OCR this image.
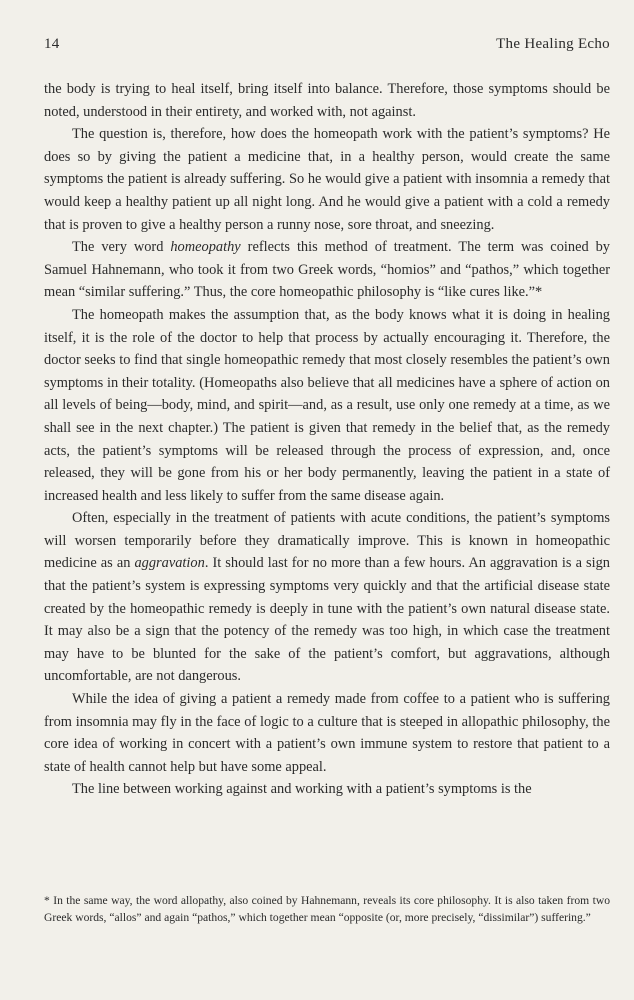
14	The Healing Echo

the body is trying to heal itself, bring itself into balance. Therefore, those symptoms should be noted, understood in their entirety, and worked with, not against.

The question is, therefore, how does the homeopath work with the patient’s symptoms? He does so by giving the patient a medicine that, in a healthy person, would create the same symptoms the patient is already suffering. So he would give a patient with insomnia a remedy that would keep a healthy patient up all night long. And he would give a patient with a cold a remedy that is proven to give a healthy person a runny nose, sore throat, and sneezing.

The very word homeopathy reflects this method of treatment. The term was coined by Samuel Hahnemann, who took it from two Greek words, “homios” and “pathos,” which together mean “similar suffering.” Thus, the core homeopathic philosophy is “like cures like.”*

The homeopath makes the assumption that, as the body knows what it is doing in healing itself, it is the role of the doctor to help that process by actually encouraging it. Therefore, the doctor seeks to find that single homeopathic remedy that most closely resembles the patient’s own symptoms in their totality. (Homeopaths also believe that all medicines have a sphere of action on all levels of being—body, mind, and spirit—and, as a result, use only one remedy at a time, as we shall see in the next chapter.) The patient is given that remedy in the belief that, as the remedy acts, the patient’s symptoms will be released through the process of expression, and, once released, they will be gone from his or her body permanently, leaving the patient in a state of increased health and less likely to suffer from the same disease again.

Often, especially in the treatment of patients with acute conditions, the patient’s symptoms will worsen temporarily before they dramatically improve. This is known in homeopathic medicine as an aggravation. It should last for no more than a few hours. An aggravation is a sign that the patient’s system is expressing symptoms very quickly and that the artificial disease state created by the homeopathic remedy is deeply in tune with the patient’s own natural disease state. It may also be a sign that the potency of the remedy was too high, in which case the treatment may have to be blunted for the sake of the patient’s comfort, but aggravations, although uncomfortable, are not dangerous.

While the idea of giving a patient a remedy made from coffee to a patient who is suffering from insomnia may fly in the face of logic to a culture that is steeped in allopathic philosophy, the core idea of working in concert with a patient’s own immune system to restore that patient to a state of health cannot help but have some appeal.

The line between working against and working with a patient’s symptoms is the

* In the same way, the word allopathy, also coined by Hahnemann, reveals its core philosophy. It is also taken from two Greek words, “allos” and again “pathos,” which together mean “opposite (or, more precisely, “dissimilar”) suffering.”
